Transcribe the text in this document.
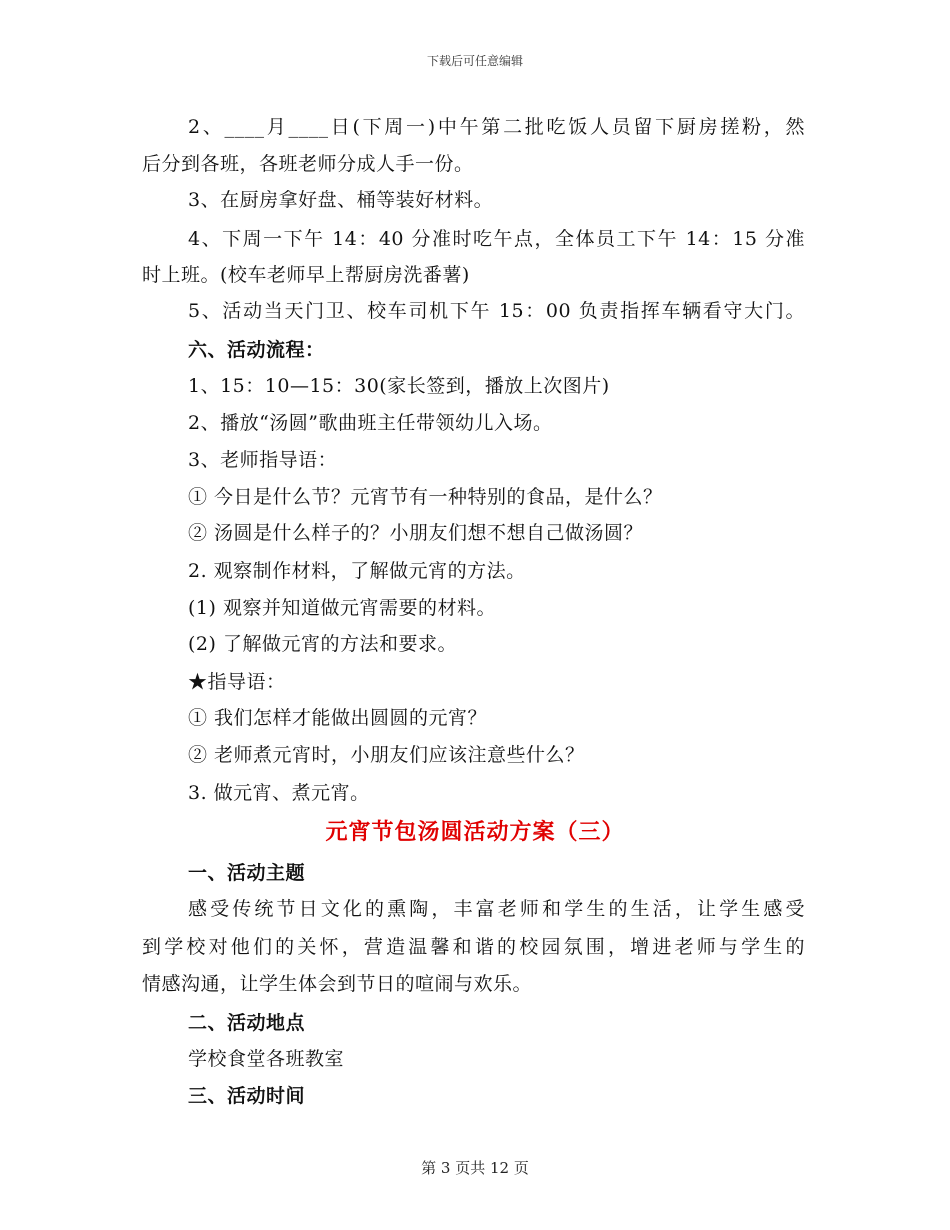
下载后可任意编辑
2、____月____日(下周一)中午第二批吃饭人员留下厨房搓粉，然
后分到各班，各班老师分成人手一份。
3、在厨房拿好盘、桶等装好材料。
4、下周一下午 14：40 分准时吃午点，全体员工下午 14：15 分准
时上班。(校车老师早上帮厨房洗番薯)
5、活动当天门卫、校车司机下午 15：00 负责指挥车辆看守大门。
六、活动流程：
1、15：10—15：30(家长签到，播放上次图片)
2、播放“汤圆”歌曲班主任带领幼儿入场。
3、老师指导语：
① 今日是什么节？元宵节有一种特别的食品，是什么？
② 汤圆是什么样子的？小朋友们想不想自己做汤圆？
2. 观察制作材料，了解做元宵的方法。
(1) 观察并知道做元宵需要的材料。
(2) 了解做元宵的方法和要求。
★指导语：
① 我们怎样才能做出圆圆的元宵？
② 老师煮元宵时，小朋友们应该注意些什么？
3. 做元宵、煮元宵。
元宵节包汤圆活动方案（三）
一、活动主题
感受传统节日文化的熏陶，丰富老师和学生的生活，让学生感受
到学校对他们的关怀，营造温馨和谐的校园氛围，增进老师与学生的
情感沟通，让学生体会到节日的喧闹与欢乐。
二、活动地点
学校食堂各班教室
三、活动时间
第 3 页共 12 页
